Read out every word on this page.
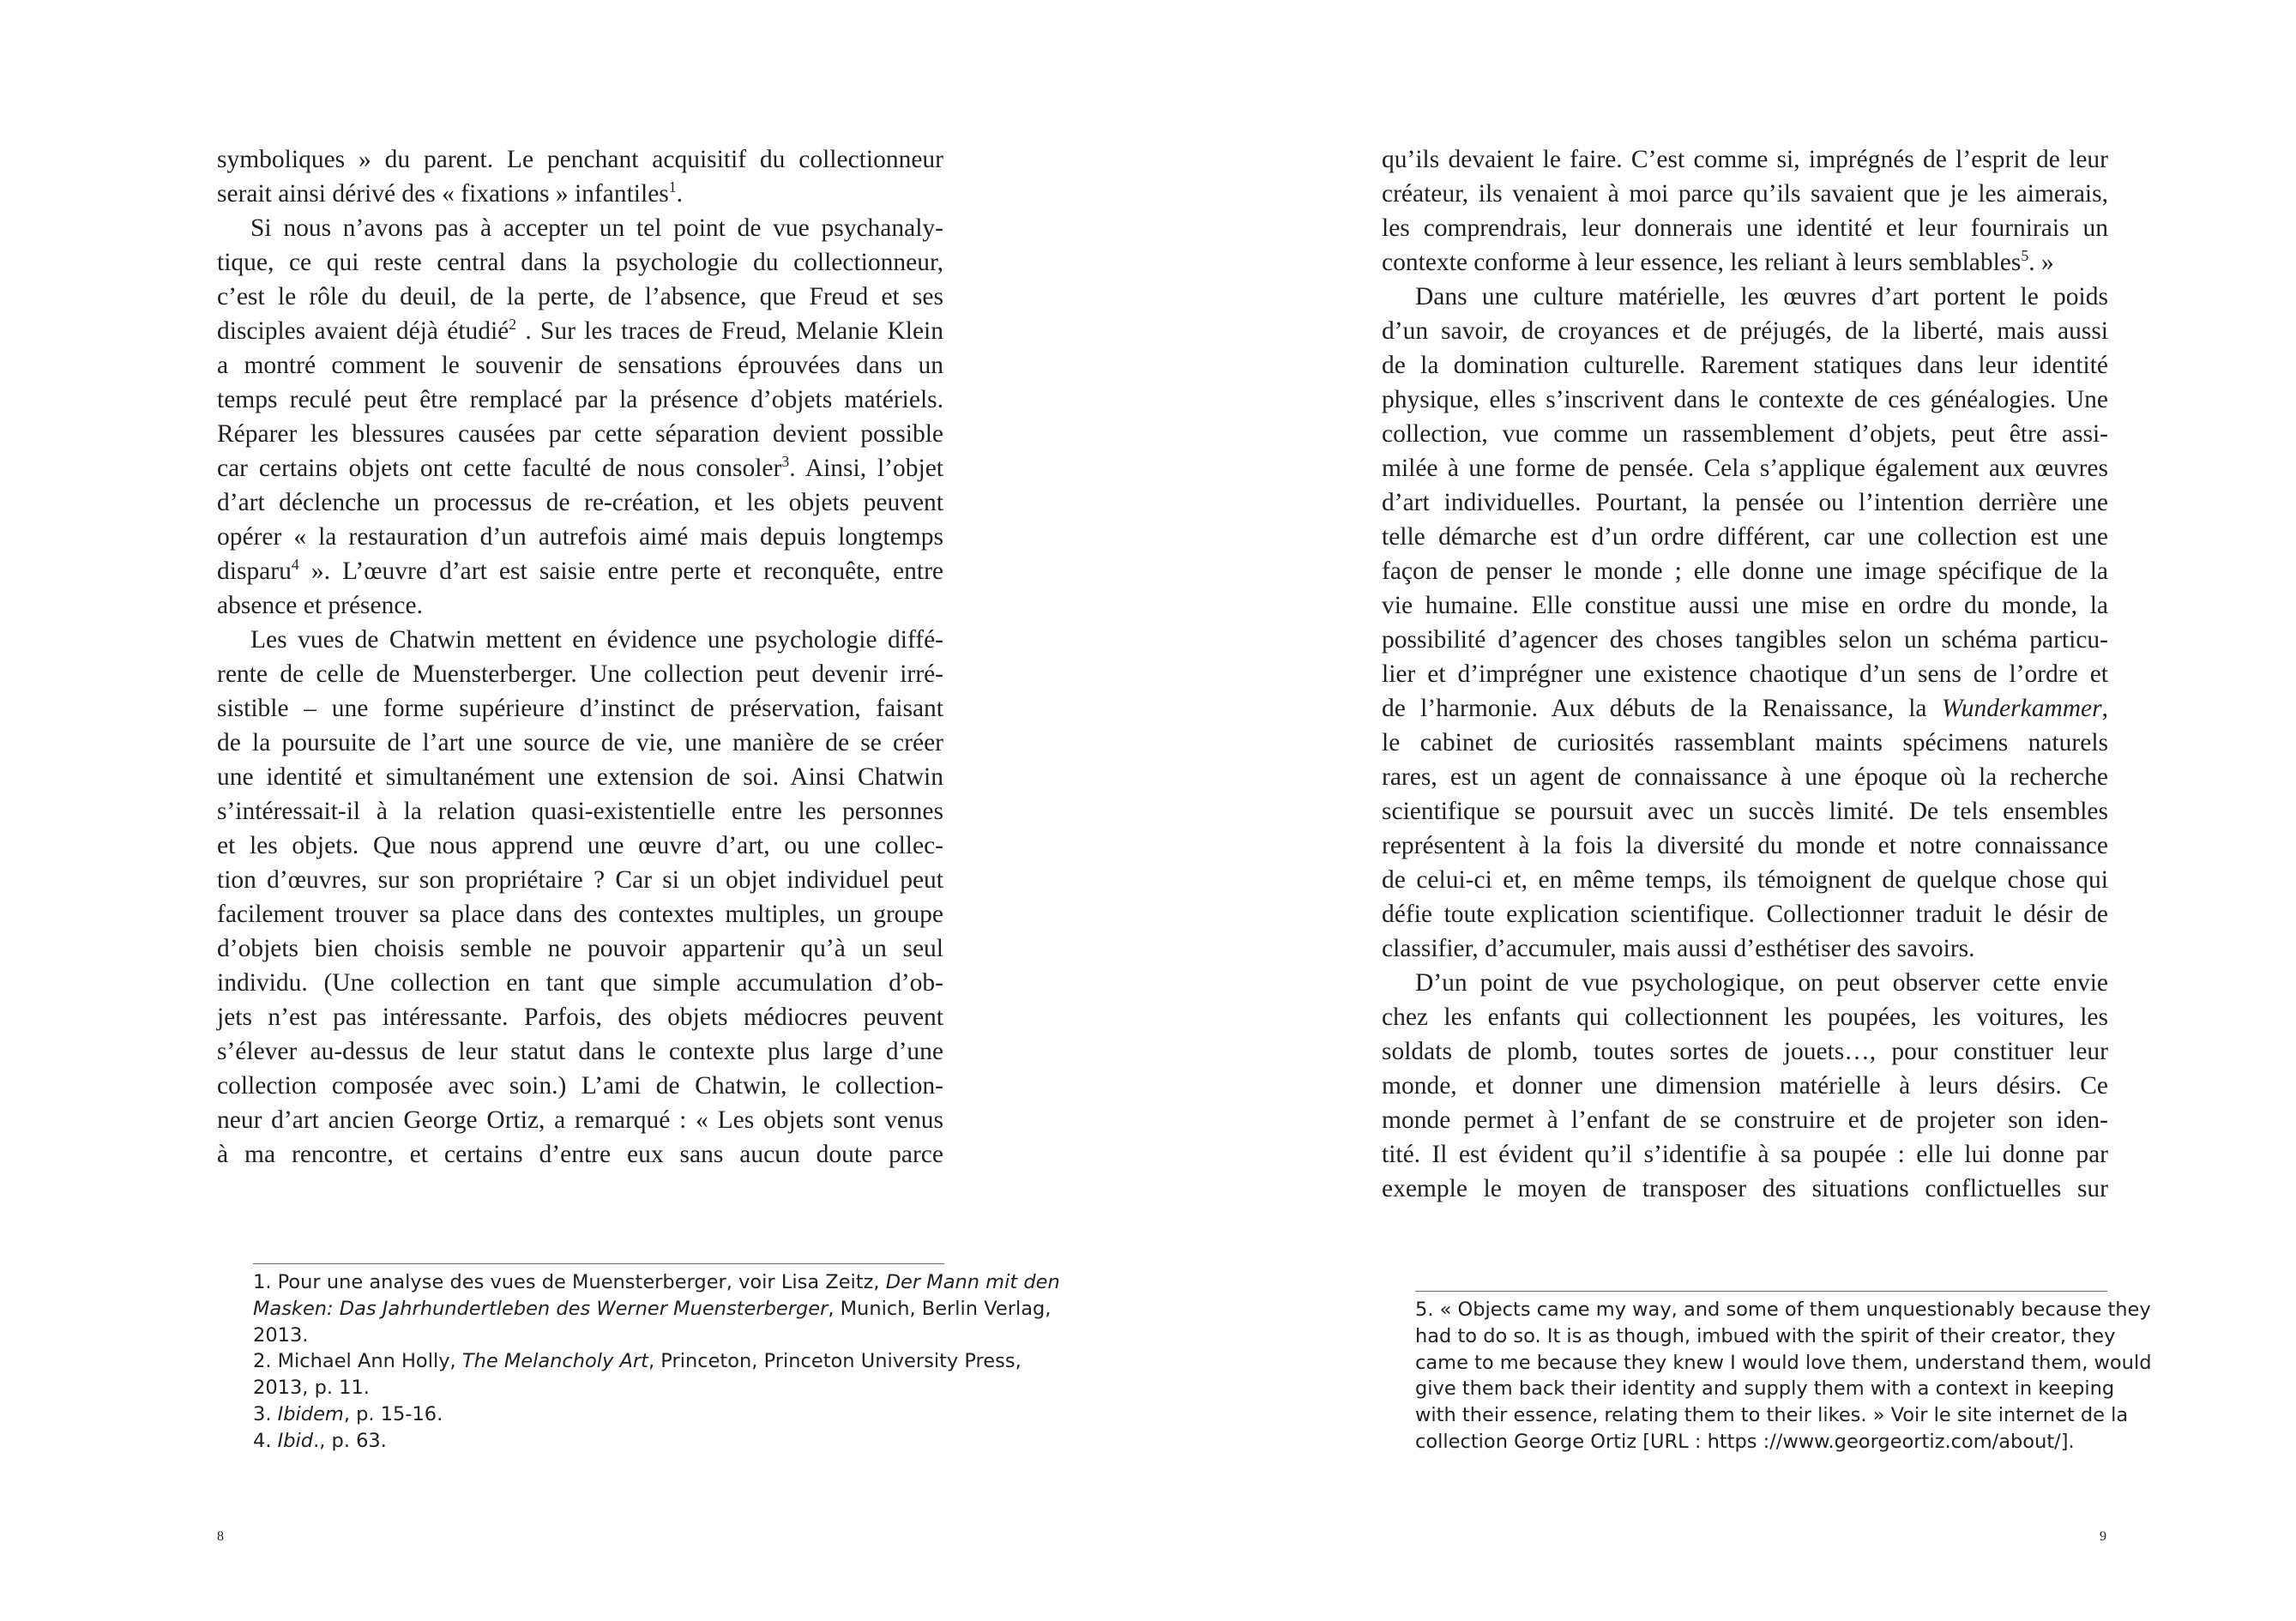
symboliques » du parent. Le penchant acquisitif du collectionneur

serait ainsi dérivé des « fixations » infantiles$^1$.

Si nous n’avons pas à accepter un tel point de vue psychanaly-

tique, ce qui reste central dans la psychologie du collectionneur,

c’est le rôle du deuil, de la perte, de l’absence, que Freud et ses

disciples avaient déjà étudié$^2$ . Sur les traces de Freud, Melanie Klein

a montré comment le souvenir de sensations éprouvées dans un

temps reculé peut être remplacé par la présence d’objets matériels.

Réparer les blessures causées par cette séparation devient possible

car certains objets ont cette faculté de nous consoler$^3$. Ainsi, l’objet

d’art déclenche un processus de re-création, et les objets peuvent

opérer « la restauration d’un autrefois aimé mais depuis longtemps

disparu$^4$ ». L’œuvre d’art est saisie entre perte et reconquête, entre

absence et présence.

Les vues de Chatwin mettent en évidence une psychologie diffé-

rente de celle de Muensterberger. Une collection peut devenir irré-

sistible – une forme supérieure d’instinct de préservation, faisant

de la poursuite de l’art une source de vie, une manière de se créer

une identité et simultanément une extension de soi. Ainsi Chatwin

s’intéressait-il à la relation quasi-existentielle entre les personnes

et les objets. Que nous apprend une œuvre d’art, ou une collec-

tion d’œuvres, sur son propriétaire ? Car si un objet individuel peut

facilement trouver sa place dans des contextes multiples, un groupe

d’objets bien choisis semble ne pouvoir appartenir qu’à un seul

individu. (Une collection en tant que simple accumulation d’ob-

jets n’est pas intéressante. Parfois, des objets médiocres peuvent

s’élever au-dessus de leur statut dans le contexte plus large d’une

collection composée avec soin.) L’ami de Chatwin, le collection-

neur d’art ancien George Ortiz, a remarqué : « Les objets sont venus

à ma rencontre, et certains d’entre eux sans aucun doute parce

1. Pour une analyse des vues de Muensterberger, voir Lisa Zeitz, Der Mann mit den

Masken: Das Jahrhundertleben des Werner Muensterberger, Munich, Berlin Verlag,

2013.

2. Michael Ann Holly, The Melancholy Art, Princeton, Princeton University Press,

2013, p. 11.

3. Ibidem, p. 15-16.

4. Ibid., p. 63.

8

qu’ils devaient le faire. C’est comme si, imprégnés de l’esprit de leur

créateur, ils venaient à moi parce qu’ils savaient que je les aimerais,

les comprendrais, leur donnerais une identité et leur fournirais un

contexte conforme à leur essence, les reliant à leurs semblables$^5$. »

Dans une culture matérielle, les œuvres d’art portent le poids

d’un savoir, de croyances et de préjugés, de la liberté, mais aussi

de la domination culturelle. Rarement statiques dans leur identité

physique, elles s’inscrivent dans le contexte de ces généalogies. Une

collection, vue comme un rassemblement d’objets, peut être assi-

milée à une forme de pensée. Cela s’applique également aux œuvres

d’art individuelles. Pourtant, la pensée ou l’intention derrière une

telle démarche est d’un ordre différent, car une collection est une

façon de penser le monde ; elle donne une image spécifique de la

vie humaine. Elle constitue aussi une mise en ordre du monde, la

possibilité d’agencer des choses tangibles selon un schéma particu-

lier et d’imprégner une existence chaotique d’un sens de l’ordre et

de l’harmonie. Aux débuts de la Renaissance, la Wunderkammer,

le cabinet de curiosités rassemblant maints spécimens naturels

rares, est un agent de connaissance à une époque où la recherche

scientifique se poursuit avec un succès limité. De tels ensembles

représentent à la fois la diversité du monde et notre connaissance

de celui-ci et, en même temps, ils témoignent de quelque chose qui

défie toute explication scientifique. Collectionner traduit le désir de

classifier, d’accumuler, mais aussi d’esthétiser des savoirs.

D’un point de vue psychologique, on peut observer cette envie

chez les enfants qui collectionnent les poupées, les voitures, les

soldats de plomb, toutes sortes de jouets…, pour constituer leur

monde, et donner une dimension matérielle à leurs désirs. Ce

monde permet à l’enfant de se construire et de projeter son iden-

tité. Il est évident qu’il s’identifie à sa poupée : elle lui donne par

exemple le moyen de transposer des situations conflictuelles sur

5. « Objects came my way, and some of them unquestionably because they

had to do so. It is as though, imbued with the spirit of their creator, they

came to me because they knew I would love them, understand them, would

give them back their identity and supply them with a context in keeping

with their essence, relating them to their likes. » Voir le site internet de la

collection George Ortiz [URL : https ://www.georgeortiz.com/about/].

9
